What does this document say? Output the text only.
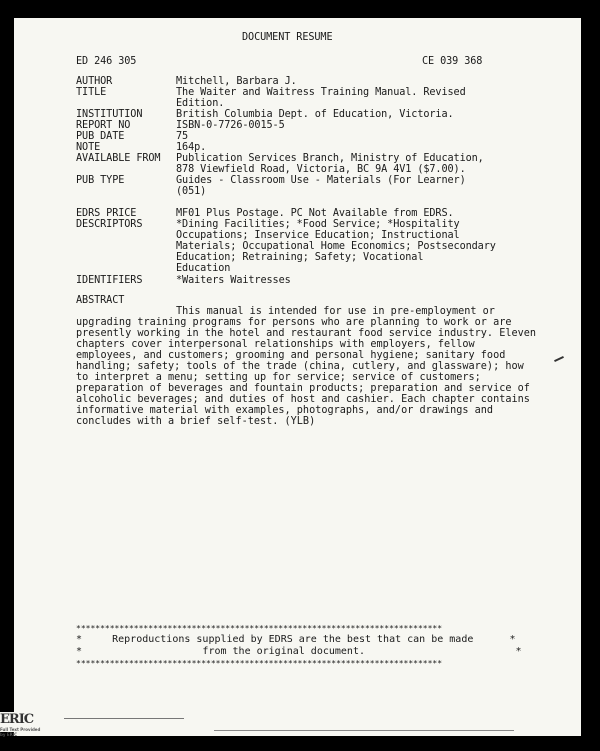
DOCUMENT RESUME
ED 246 305	CE 039 368
AUTHOR	Mitchell, Barbara J.
TITLE	The Waiter and Waitress Training Manual. Revised
Edition.
INSTITUTION	British Columbia Dept. of Education, Victoria.
REPORT NO	ISBN-0-7726-0015-5
PUB DATE	75
NOTE	164p.
AVAILABLE FROM Publication Services Branch, Ministry of Education,
878 Viewfield Road, Victoria, BC 9A 4V1 ($7.00).
PUB TYPE	Guides - Classroom Use - Materials (For Learner)
(051)
EDRS PRICE	MF01 Plus Postage. PC Not Available from EDRS.
DESCRIPTORS	*Dining Facilities; *Food Service; *Hospitality
Occupations; Inservice Education; Instructional
Materials; Occupational Home Economics; Postsecondary
Education; Retraining; Safety; Vocational
Education
IDENTIFIERS	*Waiters Waitresses
ABSTRACT

This manual is intended for use in pre-employment or upgrading training programs for persons who are planning to work or are presently working in the hotel and restaurant food service industry. Eleven chapters cover interpersonal relationships with employers, fellow employees, and customers; grooming and personal hygiene; sanitary food handling; safety; tools of the trade (china, cutlery, and glassware); how to interpret a menu; setting up for service; service of customers; preparation of beverages and fountain products; preparation and service of alcoholic beverages; and duties of host and cashier. Each chapter contains informative material with examples, photographs, and/or drawings and concludes with a brief self-test. (YLB)

****************************************************************************
*     Reproductions supplied by EDRS are the best that can be made      *
*                    from the original document.                         *
****************************************************************************
ERIC
Full Text Provided by ERIC
